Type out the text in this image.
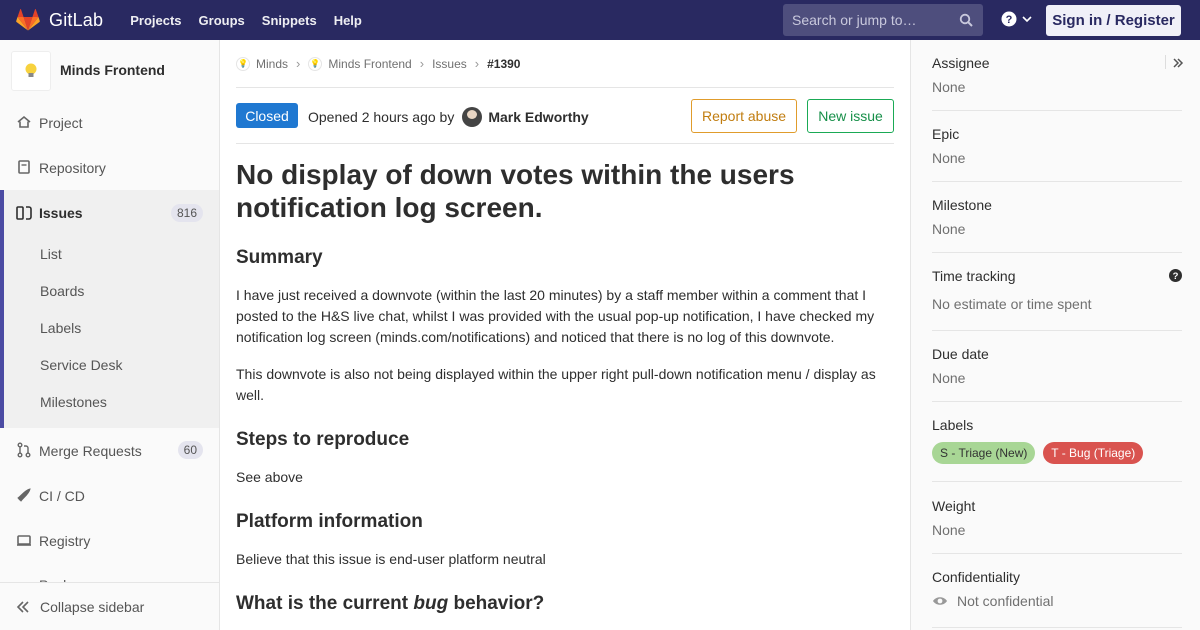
GitLab Projects Groups Snippets Help	Search or jump to…	?	Sign in / Register
Minds Frontend
Project
Repository
Issues	816
List
Boards
Labels
Service Desk
Milestones
Merge Requests	60
CI / CD
Registry
Collapse sidebar
💡 Minds › 💡 Minds Frontend › Issues › #1390
Closed	Opened 2 hours ago by Mark Edworthy	Report abuse	New issue
No display of down votes within the users notification log screen.
Summary
I have just received a downvote (within the last 20 minutes) by a staff member within a comment that I posted to the H&S live chat, whilst I was provided with the usual pop-up notification, I have checked my notification log screen (minds.com/notifications) and noticed that there is no log of this downvote.
This downvote is also not being displayed within the upper right pull-down notification menu / display as well.
Steps to reproduce
See above
Platform information
Believe that this issue is end-user platform neutral
What is the current bug behavior?
Assignee
None
Epic
None
Milestone
None
Time tracking
No estimate or time spent
?
Due date
None
Labels
S - Triage (New) T - Bug (Triage)
Weight
None
Confidentiality
Not confidential
